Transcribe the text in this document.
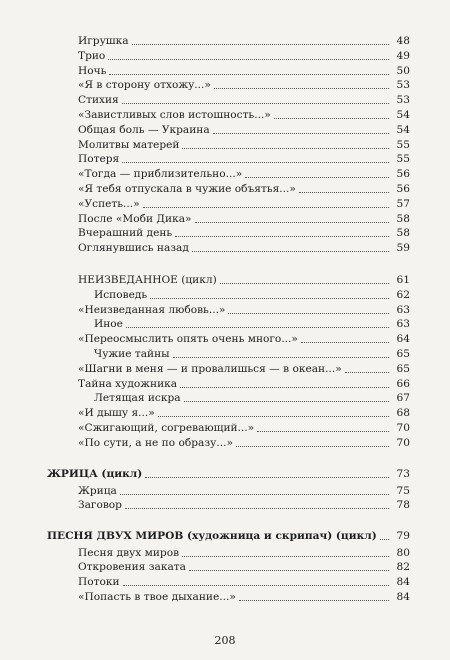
Игрушка	48
Трио	49
Ночь	50
«Я в сторону отхожу...»	53
Стихия	53
«Завистливых слов истошность...»	54
Общая боль — Украина	54
Молитвы матерей	55
Потеря	55
«Тогда — приблизительно...»	56
«Я тебя отпускала в чужие объятья...»	56
«Успеть...»	57
После «Моби Дика»	58
Вчерашний день	58
Оглянувшись назад	59
НЕИЗВЕДАННОЕ (цикл)	61
Исповедь	62
«Неизведанная любовь...»	63
Иное	63
«Переосмыслить опять очень много...»	64
Чужие тайны	65
«Шагни в меня — и провалишься — в океан...»	65
Тайна художника	66
Летящая искра	67
«И дышу я...»	68
«Сжигающий, согревающий...»	70
«По сути, а не по образу...»	70
ЖРИЦА (цикл)	73
Жрица	75
Заговор	78
ПЕСНЯ ДВУХ МИРОВ (художница и скрипач) (цикл)	79
Песня двух миров	80
Откровения заката	82
Потоки	84
«Попасть в твое дыхание...»	84
208
